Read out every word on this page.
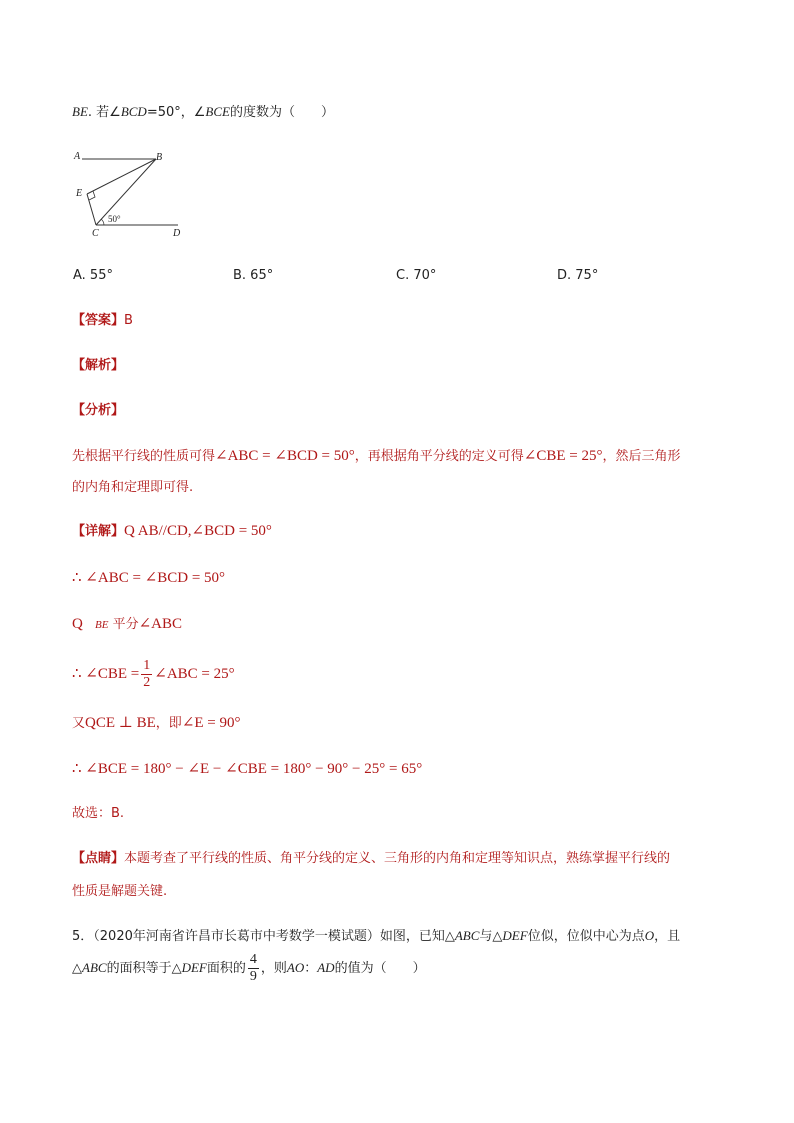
BE. 若∠BCD=50°，∠BCE的度数为（　　）
A	B
E
C	D
50°
A. 55°	B. 65°	C. 70°	D. 75°
【答案】B
【解析】
【分析】
先根据平行线的性质可得∠ABC = ∠BCD = 50°，再根据角平分线的定义可得∠CBE = 25°，然后三角形
的内角和定理即可得.
【详解】Q AB//CD,∠BCD = 50°
∴ ∠ABC = ∠BCD = 50°
Q BE 平分∠ABC
∴ ∠CBE = $\frac{1}{2}$ ∠ABC = 25°
又QCE ⊥ BE，即∠E = 90°
∴ ∠BCE = 180° − ∠E − ∠CBE = 180° − 90° − 25° = 65°
故选：B.
【点睛】本题考查了平行线的性质、角平分线的定义、三角形的内角和定理等知识点，熟练掌握平行线的
性质是解题关键.
5．（2020年河南省许昌市长葛市中考数学一模试题）如图，已知△ABC与△DEF位似，位似中心为点O，且
△ABC的面积等于△DEF面积的 $\frac{4}{9}$ ，则AO：AD的值为（　　）
